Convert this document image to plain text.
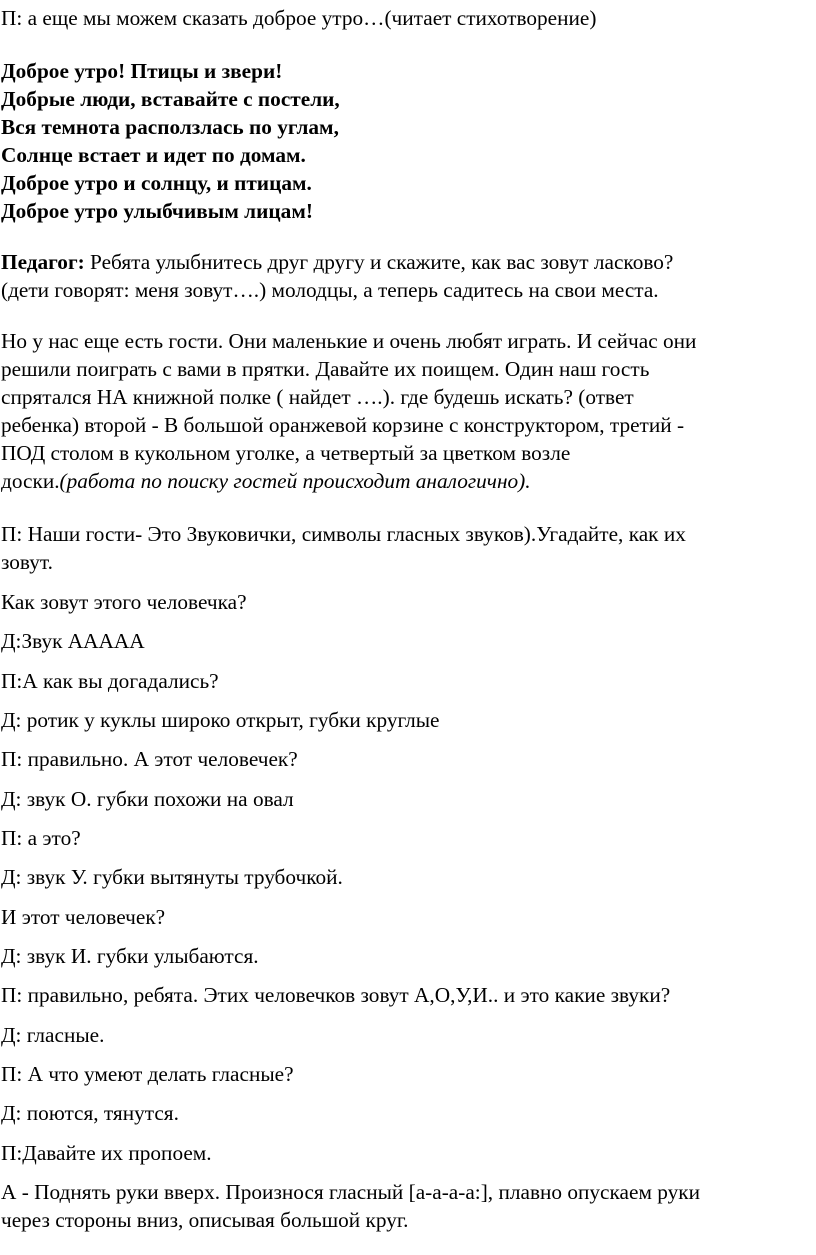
П: а еще мы можем сказать доброе утро…(читает стихотворение)
Доброе утро! Птицы и звери!
Добрые люди, вставайте с постели,
Вся темнота расползлась по углам,
Солнце встает и идет по домам.
Доброе утро и солнцу, и птицам.
Доброе утро улыбчивым лицам!
Педагог: Ребята улыбнитесь друг другу и скажите, как вас зовут ласково?
(дети говорят: меня зовут….) молодцы, а теперь садитесь на свои места.
Но у нас еще есть гости. Они маленькие и очень любят играть. И сейчас они
решили поиграть с вами в прятки. Давайте их поищем. Один наш гость
спрятался НА книжной полке ( найдет ….). где будешь искать? (ответ
ребенка) второй - В большой оранжевой корзине с конструктором, третий -
ПОД столом в кукольном уголке, а четвертый за цветком возле
доски.(работа по поиску гостей происходит аналогично).
П: Наши гости- Это Звуковички, символы гласных звуков).Угадайте, как их
зовут.
Как зовут этого человечка?
Д:Звук ААААА
П:А как вы догадались?
Д: ротик у куклы широко открыт, губки круглые
П: правильно. А этот человечек?
Д: звук О. губки похожи на овал
П: а это?
Д: звук У. губки вытянуты трубочкой.
И этот человечек?
Д: звук И. губки улыбаются.
П: правильно, ребята. Этих человечков зовут А,О,У,И.. и это какие звуки?
Д: гласные.
П: А что умеют делать гласные?
Д: поются, тянутся.
П:Давайте их пропоем.
А - Поднять руки вверх. Произнося гласный [а-а-а-а:], плавно опускаем руки
через стороны вниз, описывая большой круг.
